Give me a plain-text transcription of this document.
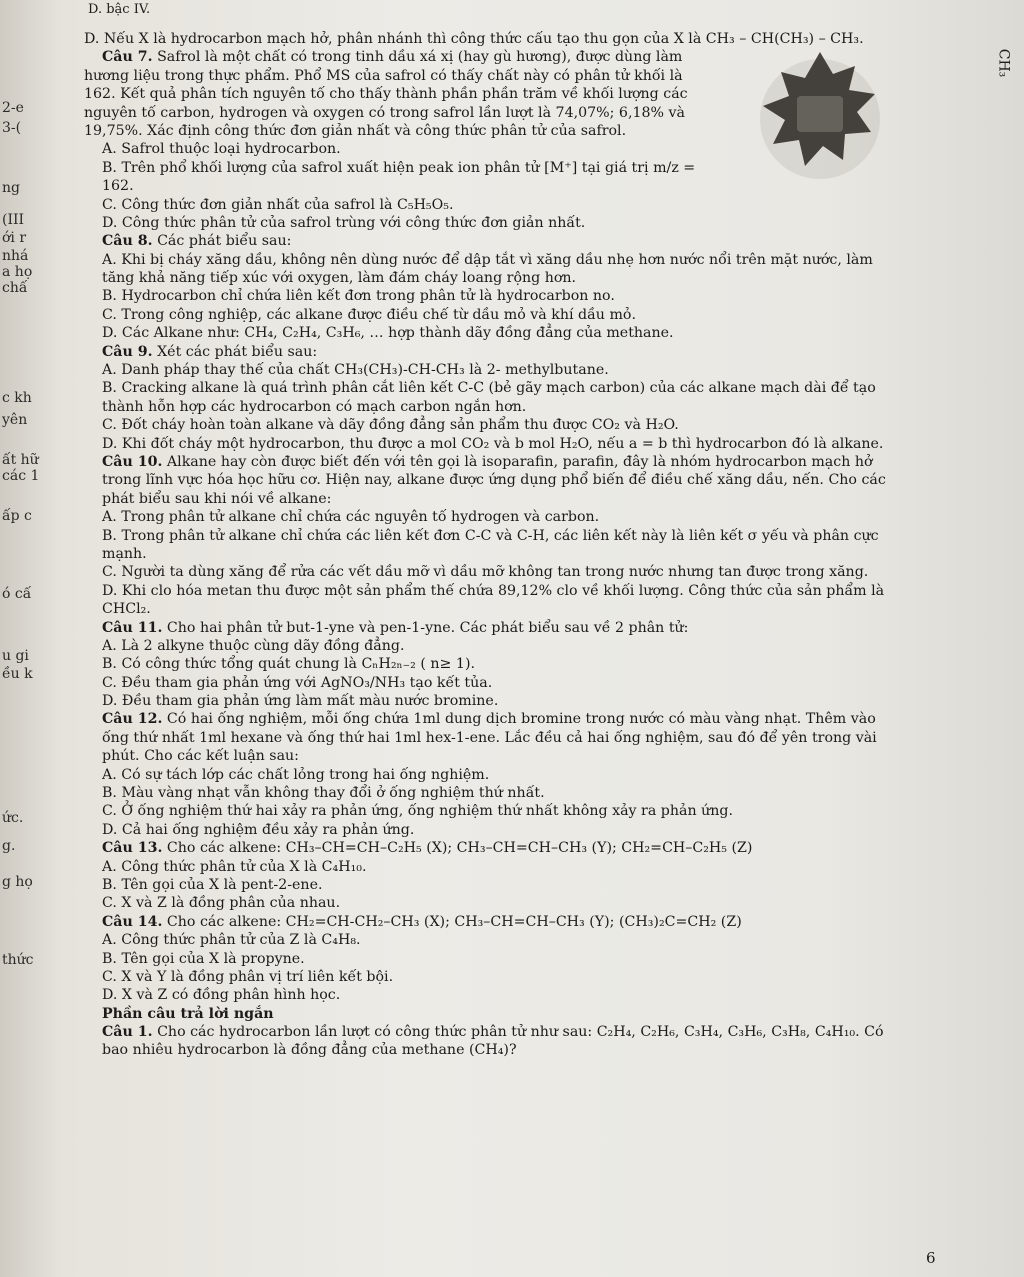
D. bậc IV.
CH₃
2-e
3-(
ng
(III
ới r
nhá
a họ
chấ
c kh
yên
ất hữ
các 1
ấp c
ó cấ
u gi
ều k
ức.
g.
g họ
thức
D. Nếu X là hydrocarbon mạch hở, phân nhánh thì công thức cấu tạo thu gọn của X là CH₃ – CH(CH₃) – CH₃.
Câu 7. Safrol là một chất có trong tinh dầu xá xị (hay gù hương), được dùng làm
hương liệu trong thực phẩm. Phổ MS của safrol có thấy chất này có phân tử khối là
162. Kết quả phân tích nguyên tố cho thấy thành phần phần trăm về khối lượng các
nguyên tố carbon, hydrogen và oxygen có trong safrol lần lượt là 74,07%; 6,18% và
19,75%. Xác định công thức đơn giản nhất và công thức phân tử của safrol.
A. Safrol thuộc loại hydrocarbon.
B. Trên phổ khối lượng của safrol xuất hiện peak ion phân tử [M⁺] tại giá trị m/z =
162.
C. Công thức đơn giản nhất của safrol là C₅H₅O₅.
D. Công thức phân tử của safrol trùng với công thức đơn giản nhất.
Câu 8. Các phát biểu sau:
A. Khi bị cháy xăng dầu, không nên dùng nước để dập tắt vì xăng dầu nhẹ hơn nước nổi trên mặt nước, làm
tăng khả năng tiếp xúc với oxygen, làm đám cháy loang rộng hơn.
B. Hydrocarbon chỉ chứa liên kết đơn trong phân tử là hydrocarbon no.
C. Trong công nghiệp, các alkane được điều chế từ dầu mỏ và khí dầu mỏ.
D. Các Alkane như: CH₄, C₂H₄, C₃H₆, … hợp thành dãy đồng đẳng của methane.
Câu 9. Xét các phát biểu sau:
A. Danh pháp thay thế của chất CH₃(CH₃)-CH-CH₃ là 2- methylbutane.
B. Cracking alkane là quá trình phân cắt liên kết C-C (bẻ gãy mạch carbon) của các alkane mạch dài để tạo
thành hỗn hợp các hydrocarbon có mạch carbon ngắn hơn.
C. Đốt cháy hoàn toàn alkane và dãy đồng đẳng sản phẩm thu được CO₂ và H₂O.
D. Khi đốt cháy một hydrocarbon, thu được a mol CO₂ và b mol H₂O, nếu a = b thì hydrocarbon đó là alkane.
Câu 10. Alkane hay còn được biết đến với tên gọi là isoparafin, parafin, đây là nhóm hydrocarbon mạch hở
trong lĩnh vực hóa học hữu cơ. Hiện nay, alkane được ứng dụng phổ biến để điều chế xăng dầu, nến. Cho các
phát biểu sau khi nói về alkane:
A. Trong phân tử alkane chỉ chứa các nguyên tố hydrogen và carbon.
B. Trong phân tử alkane chỉ chứa các liên kết đơn C-C và C-H, các liên kết này là liên kết σ yếu và phân cực
mạnh.
C. Người ta dùng xăng để rửa các vết dầu mỡ vì dầu mỡ không tan trong nước nhưng tan được trong xăng.
D. Khi clo hóa metan thu được một sản phẩm thế chứa 89,12% clo về khối lượng. Công thức của sản phẩm là
CHCl₂.
Câu 11. Cho hai phân tử but-1-yne và pen-1-yne. Các phát biểu sau về 2 phân tử:
A. Là 2 alkyne thuộc cùng dãy đồng đẳng.
B. Có công thức tổng quát chung là CₙH₂ₙ₋₂ ( n≥ 1).
C. Đều tham gia phản ứng với AgNO₃/NH₃ tạo kết tủa.
D. Đều tham gia phản ứng làm mất màu nước bromine.
Câu 12. Có hai ống nghiệm, mỗi ống chứa 1ml dung dịch bromine trong nước có màu vàng nhạt. Thêm vào
ống thứ nhất 1ml hexane và ống thứ hai 1ml hex-1-ene. Lắc đều cả hai ống nghiệm, sau đó để yên trong vài
phút. Cho các kết luận sau:
A. Có sự tách lớp các chất lỏng trong hai ống nghiệm.
B. Màu vàng nhạt vẫn không thay đổi ở ống nghiệm thứ nhất.
C. Ở ống nghiệm thứ hai xảy ra phản ứng, ống nghiệm thứ nhất không xảy ra phản ứng.
D. Cả hai ống nghiệm đều xảy ra phản ứng.
Câu 13. Cho các alkene: CH₃–CH=CH–C₂H₅ (X); CH₃–CH=CH–CH₃ (Y); CH₂=CH–C₂H₅ (Z)
A. Công thức phân tử của X là C₄H₁₀.
B. Tên gọi của X là pent-2-ene.
C. X và Z là đồng phân của nhau.
Câu 14. Cho các alkene: CH₂=CH-CH₂–CH₃ (X); CH₃–CH=CH–CH₃ (Y); (CH₃)₂C=CH₂ (Z)
A. Công thức phân tử của Z là C₄H₈.
B. Tên gọi của X là propyne.
C. X và Y là đồng phân vị trí liên kết bội.
D. X và Z có đồng phân hình học.
Phần câu trả lời ngắn
Câu 1. Cho các hydrocarbon lần lượt có công thức phân tử như sau: C₂H₄, C₂H₆, C₃H₄, C₃H₆, C₃H₈, C₄H₁₀. Có
bao nhiêu hydrocarbon là đồng đẳng của methane (CH₄)?
6
